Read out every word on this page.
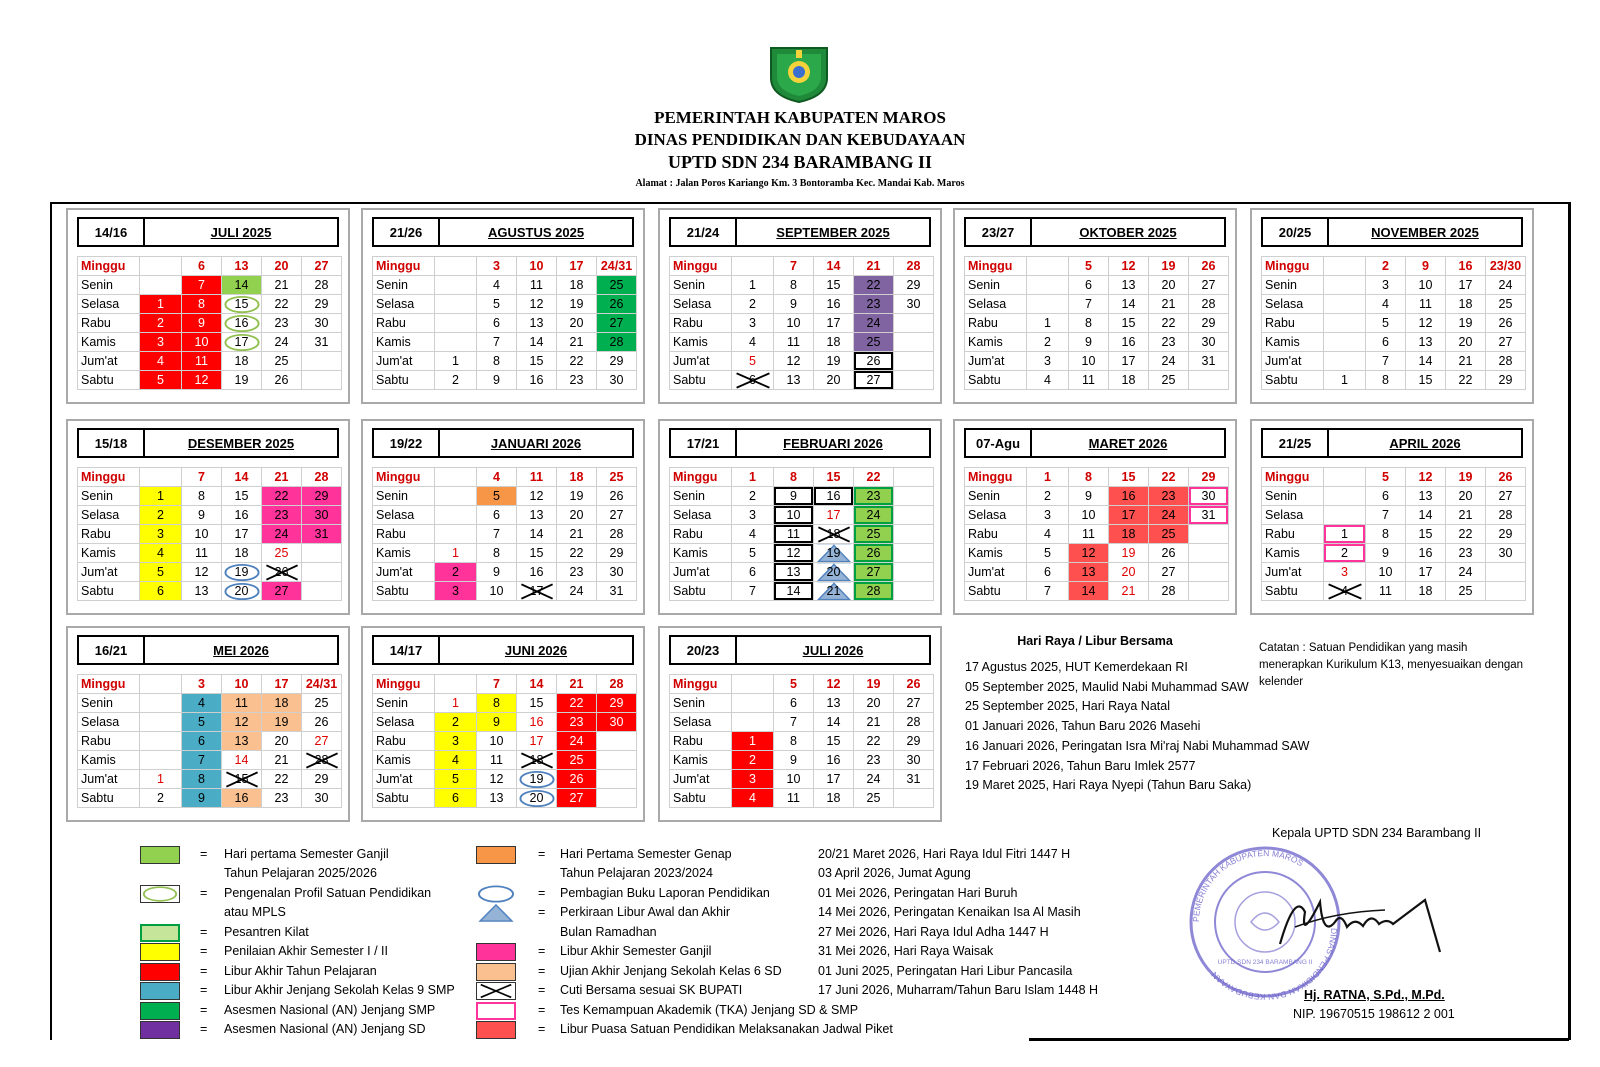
PEMERINTAH KABUPATEN MAROS
DINAS PENDIDIKAN DAN KEBUDAYAAN
UPTD SDN 234 BARAMBANG II
Alamat : Jalan Poros Kariango Km. 3 Bontoramba Kec. Mandai Kab. Maros
14/16	JULI 2025
Minggu		6	13	20	27
Senin		7	14	21	28
Selasa	1	8	15	22	29
Rabu	2	9	16	23	30
Kamis	3	10	17	24	31
Jum'at	4	11	18	25	
Sabtu	5	12	19	26	
21/26	AGUSTUS 2025
Minggu		3	10	17	24/31
Senin		4	11	18	25
Selasa		5	12	19	26
Rabu		6	13	20	27
Kamis		7	14	21	28
Jum'at	1	8	15	22	29
Sabtu	2	9	16	23	30
21/24	SEPTEMBER 2025
Minggu		7	14	21	28
Senin	1	8	15	22	29
Selasa	2	9	16	23	30
Rabu	3	10	17	24	
Kamis	4	11	18	25	
Jum'at	5	12	19	26	
Sabtu	6	13	20	27	
23/27	OKTOBER 2025
Minggu		5	12	19	26
Senin		6	13	20	27
Selasa		7	14	21	28
Rabu	1	8	15	22	29
Kamis	2	9	16	23	30
Jum'at	3	10	17	24	31
Sabtu	4	11	18	25	
20/25	NOVEMBER 2025
Minggu		2	9	16	23/30
Senin		3	10	17	24
Selasa		4	11	18	25
Rabu		5	12	19	26
Kamis		6	13	20	27
Jum'at		7	14	21	28
Sabtu	1	8	15	22	29
15/18	DESEMBER 2025
Minggu		7	14	21	28
Senin	1	8	15	22	29
Selasa	2	9	16	23	30
Rabu	3	10	17	24	31
Kamis	4	11	18	25	
Jum'at	5	12	19	26	
Sabtu	6	13	20	27	
19/22	JANUARI 2026
Minggu		4	11	18	25
Senin		5	12	19	26
Selasa		6	13	20	27
Rabu		7	14	21	28
Kamis	1	8	15	22	29
Jum'at	2	9	16	23	30
Sabtu	3	10	17	24	31
17/21	FEBRUARI 2026
Minggu	1	8	15	22	
Senin	2	9	16	23	
Selasa	3	10	17	24	
Rabu	4	11	18	25	
Kamis	5	12	19	26	
Jum'at	6	13	20	27	
Sabtu	7	14	21	28	
07-Agu	MARET 2026
Minggu	1	8	15	22	29
Senin	2	9	16	23	30
Selasa	3	10	17	24	31
Rabu	4	11	18	25	
Kamis	5	12	19	26	
Jum'at	6	13	20	27	
Sabtu	7	14	21	28	
21/25	APRIL 2026
Minggu		5	12	19	26
Senin		6	13	20	27
Selasa		7	14	21	28
Rabu	1	8	15	22	29
Kamis	2	9	16	23	30
Jum'at	3	10	17	24	
Sabtu	4	11	18	25	
16/21	MEI 2026
Minggu		3	10	17	24/31
Senin		4	11	18	25
Selasa		5	12	19	26
Rabu		6	13	20	27
Kamis		7	14	21	28
Jum'at	1	8	15	22	29
Sabtu	2	9	16	23	30
14/17	JUNI 2026
Minggu		7	14	21	28
Senin	1	8	15	22	29
Selasa	2	9	16	23	30
Rabu	3	10	17	24	
Kamis	4	11	18	25	
Jum'at	5	12	19	26	
Sabtu	6	13	20	27	
20/23	JULI 2026
Minggu		5	12	19	26
Senin		6	13	20	27
Selasa		7	14	21	28
Rabu	1	8	15	22	29
Kamis	2	9	16	23	30
Jum'at	3	10	17	24	31
Sabtu	4	11	18	25	
Hari Raya / Libur Bersama
17 Agustus 2025, HUT Kemerdekaan RI
05 September 2025, Maulid Nabi Muhammad SAW
25 September 2025, Hari Raya Natal
01 Januari 2026, Tahun Baru 2026 Masehi
16 Januari 2026, Peringatan Isra Mi'raj Nabi Muhammad SAW
17 Februari 2026, Tahun Baru Imlek 2577
19 Maret 2025, Hari Raya Nyepi (Tahun Baru Saka)
Catatan : Satuan Pendidikan yang masih menerapkan Kurikulum K13, menyesuaikan dengan kelender
= Hari pertama Semester Ganjil
Tahun Pelajaran 2025/2026
= Pengenalan Profil Satuan Pendidikan
atau MPLS
= Pesantren Kilat
= Penilaian Akhir Semester I / II
= Libur Akhir Tahun Pelajaran
= Libur Akhir Jenjang Sekolah Kelas 9 SMP
= Asesmen Nasional (AN) Jenjang SMP
= Asesmen Nasional (AN) Jenjang SD
= Hari Pertama Semester Genap
Tahun Pelajaran 2023/2024
= Pembagian Buku Laporan Pendidikan
= Perkiraan Libur Awal dan Akhir
Bulan Ramadhan
= Libur Akhir Semester Ganjil
= Ujian Akhir Jenjang Sekolah Kelas 6 SD
= Cuti Bersama sesuai SK BUPATI
= Tes Kemampuan Akademik (TKA) Jenjang SD & SMP
= Libur Puasa Satuan Pendidikan Melaksanakan Jadwal Piket
20/21 Maret 2026, Hari Raya Idul Fitri 1447 H
03 April 2026, Jumat Agung
01 Mei 2026, Peringatan Hari Buruh
14 Mei 2026, Peringatan Kenaikan Isa Al Masih
27 Mei 2026, Hari Raya Idul Adha 1447 H
31 Mei 2026, Hari Raya Waisak
01 Juni 2025, Peringatan Hari Libur Pancasila
17 Juni 2026, Muharram/Tahun Baru Islam 1448 H
PEMERINTAH KABUPATEN MAROS
DINAS PENDIDIKAN DAN KEBUDAYAAN
UPTD SDN 234 BARAMBANG II
Kepala UPTD SDN 234 Barambang II
Hj. RATNA, S.Pd., M.Pd.
NIP. 19670515 198612 2 001
